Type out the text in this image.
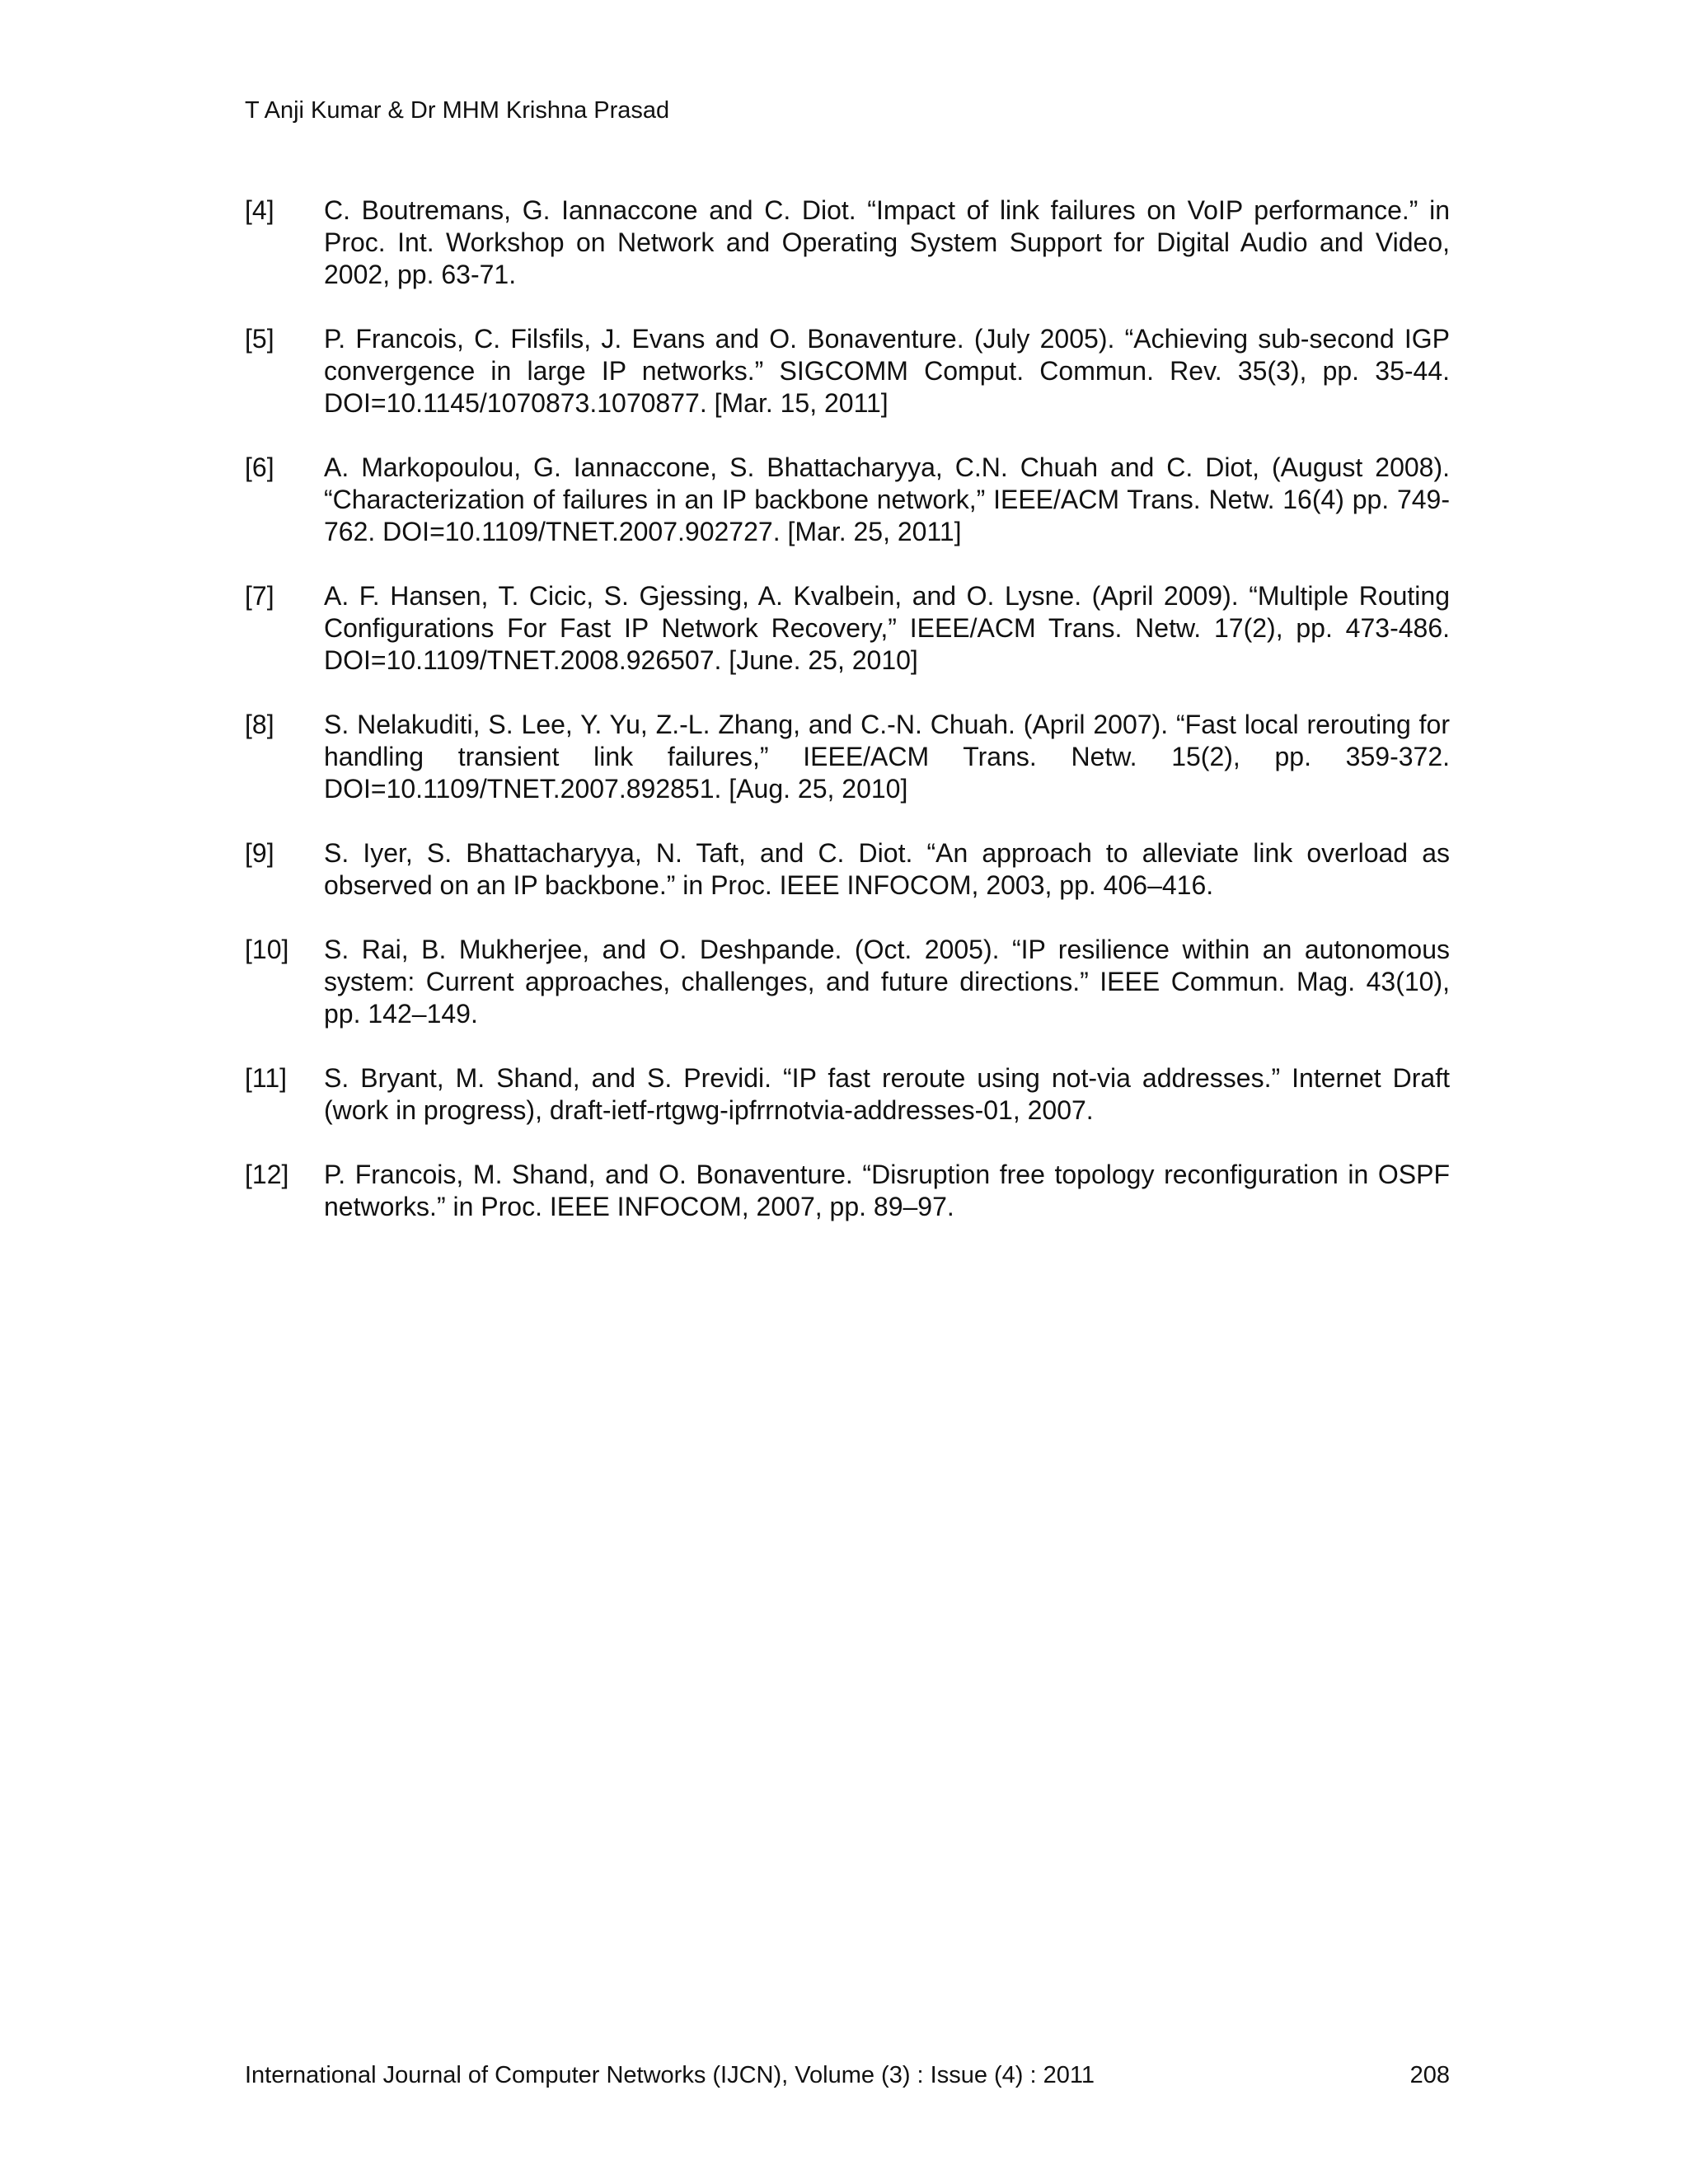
T Anji Kumar & Dr MHM Krishna Prasad
[4] C. Boutremans, G. Iannaccone and C. Diot. “Impact of link failures on VoIP performance.” in Proc. Int. Workshop on Network and Operating System Support for Digital Audio and Video, 2002, pp. 63-71.
[5] P. Francois, C. Filsfils, J. Evans and O. Bonaventure. (July 2005). “Achieving sub-second IGP convergence in large IP networks.” SIGCOMM Comput. Commun. Rev. 35(3), pp. 35-44. DOI=10.1145/1070873.1070877. [Mar. 15, 2011]
[6] A. Markopoulou, G. Iannaccone, S. Bhattacharyya, C.N. Chuah and C. Diot, (August 2008). “Characterization of failures in an IP backbone network,” IEEE/ACM Trans. Netw. 16(4) pp. 749-762. DOI=10.1109/TNET.2007.902727. [Mar. 25, 2011]
[7] A. F. Hansen, T. Cicic, S. Gjessing, A. Kvalbein, and O. Lysne. (April 2009). “Multiple Routing Configurations For Fast IP Network Recovery,” IEEE/ACM Trans. Netw. 17(2), pp. 473-486. DOI=10.1109/TNET.2008.926507. [June. 25, 2010]
[8] S. Nelakuditi, S. Lee, Y. Yu, Z.-L. Zhang, and C.-N. Chuah. (April 2007). “Fast local rerouting for handling transient link failures,” IEEE/ACM Trans. Netw. 15(2), pp. 359-372. DOI=10.1109/TNET.2007.892851. [Aug. 25, 2010]
[9] S. Iyer, S. Bhattacharyya, N. Taft, and C. Diot. “An approach to alleviate link overload as observed on an IP backbone.” in Proc. IEEE INFOCOM, 2003, pp. 406–416.
[10] S. Rai, B. Mukherjee, and O. Deshpande. (Oct. 2005). “IP resilience within an autonomous system: Current approaches, challenges, and future directions.” IEEE Commun. Mag. 43(10), pp. 142–149.
[11] S. Bryant, M. Shand, and S. Previdi. “IP fast reroute using not-via addresses.” Internet Draft (work in progress), draft-ietf-rtgwg-ipfrrnotvia-addresses-01, 2007.
[12] P. Francois, M. Shand, and O. Bonaventure. “Disruption free topology reconfiguration in OSPF networks.” in Proc. IEEE INFOCOM, 2007, pp. 89–97.
International Journal of Computer Networks (IJCN), Volume (3) : Issue (4) : 2011	208
